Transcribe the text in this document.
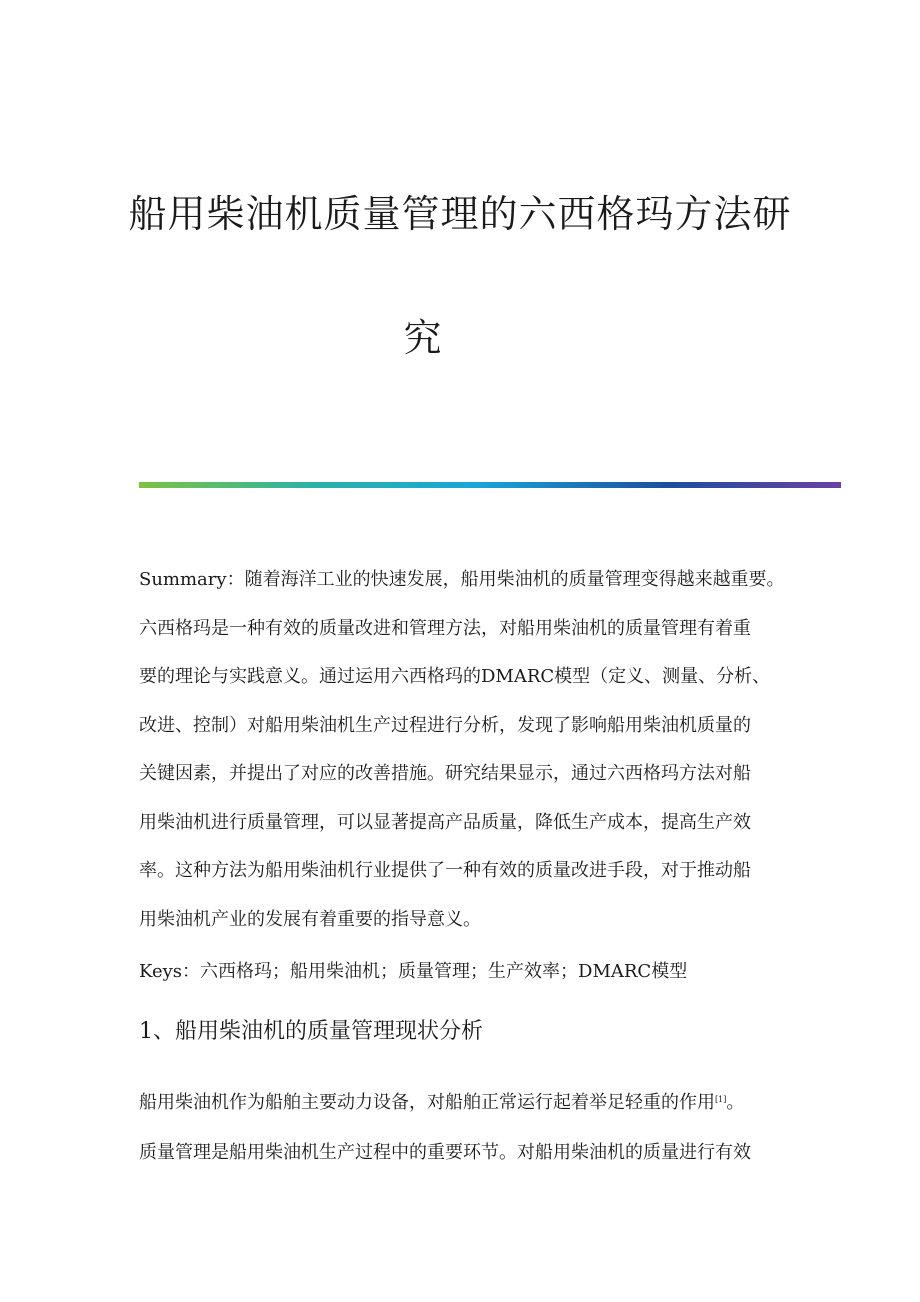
船用柴油机质量管理的六西格玛方法研
究
Summary：随着海洋工业的快速发展，船用柴油机的质量管理变得越来越重要。
六西格玛是一种有效的质量改进和管理方法，对船用柴油机的质量管理有着重
要的理论与实践意义。通过运用六西格玛的DMARC模型（定义、测量、分析、
改进、控制）对船用柴油机生产过程进行分析，发现了影响船用柴油机质量的
关键因素，并提出了对应的改善措施。研究结果显示，通过六西格玛方法对船
用柴油机进行质量管理，可以显著提高产品质量，降低生产成本，提高生产效
率。这种方法为船用柴油机行业提供了一种有效的质量改进手段，对于推动船
用柴油机产业的发展有着重要的指导意义。
Keys：六西格玛；船用柴油机；质量管理；生产效率；DMARC模型
1、船用柴油机的质量管理现状分析
船用柴油机作为船舶主要动力设备，对船舶正常运行起着举足轻重的作用[1]。
质量管理是船用柴油机生产过程中的重要环节。对船用柴油机的质量进行有效
